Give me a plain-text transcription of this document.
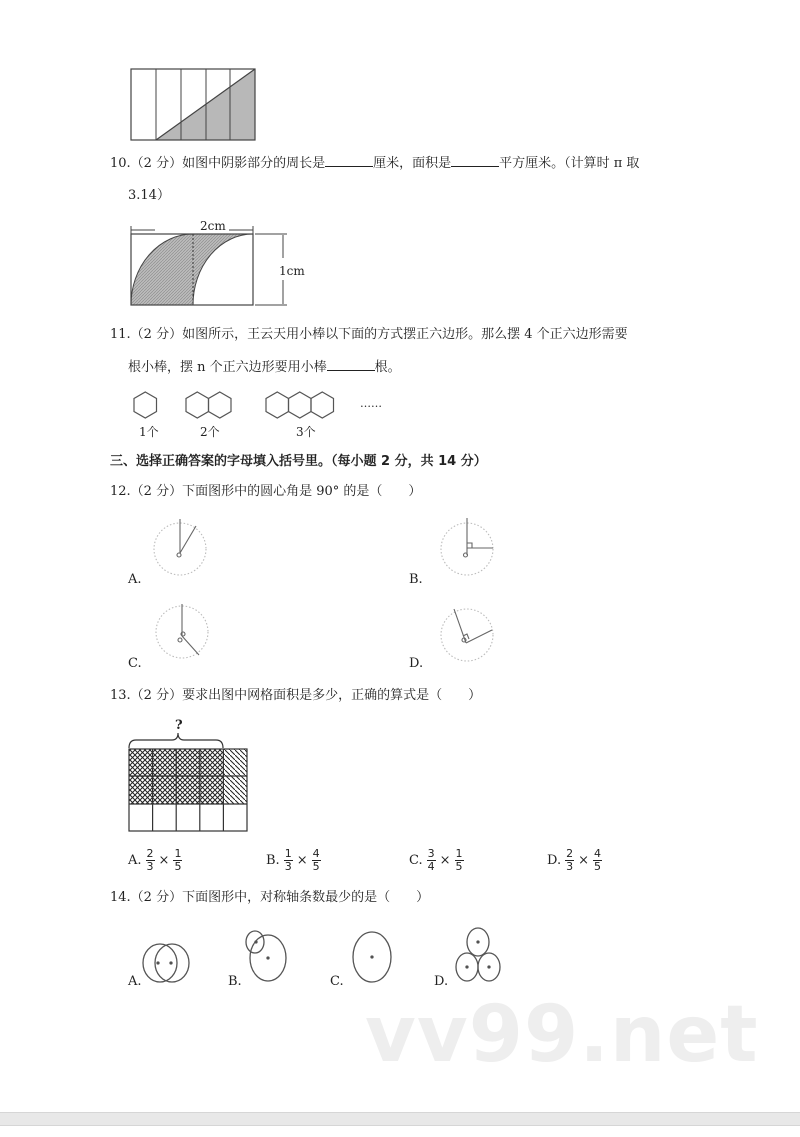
10.（2 分）如图中阴影部分的周长是	厘米，面积是	平方厘米。（计算时 π 取
3.14）
2cm
1cm
11.（2 分）如图所示，王云天用小棒以下面的方式摆正六边形。那么摆 4 个正六边形需要
根小棒，摆 n 个正六边形要用小棒	根。
1个	2个	3个
……
三、选择正确答案的字母填入括号里。（每小题 2 分，共 14 分）
12.（2 分）下面图形中的圆心角是 90° 的是（　　）
A.	B.
C.	D.
13.（2 分）要求出图中网格面积是多少，正确的算式是（　　）
?
A. $\frac{2}{3} \times \frac{1}{5}$	B. $\frac{1}{3} \times \frac{4}{5}$	C. $\frac{3}{4} \times \frac{1}{5}$	D. $\frac{2}{3} \times \frac{4}{5}$
14.（2 分）下面图形中，对称轴条数最少的是（　　）
A.	B.	C.	D.
vv99.net
